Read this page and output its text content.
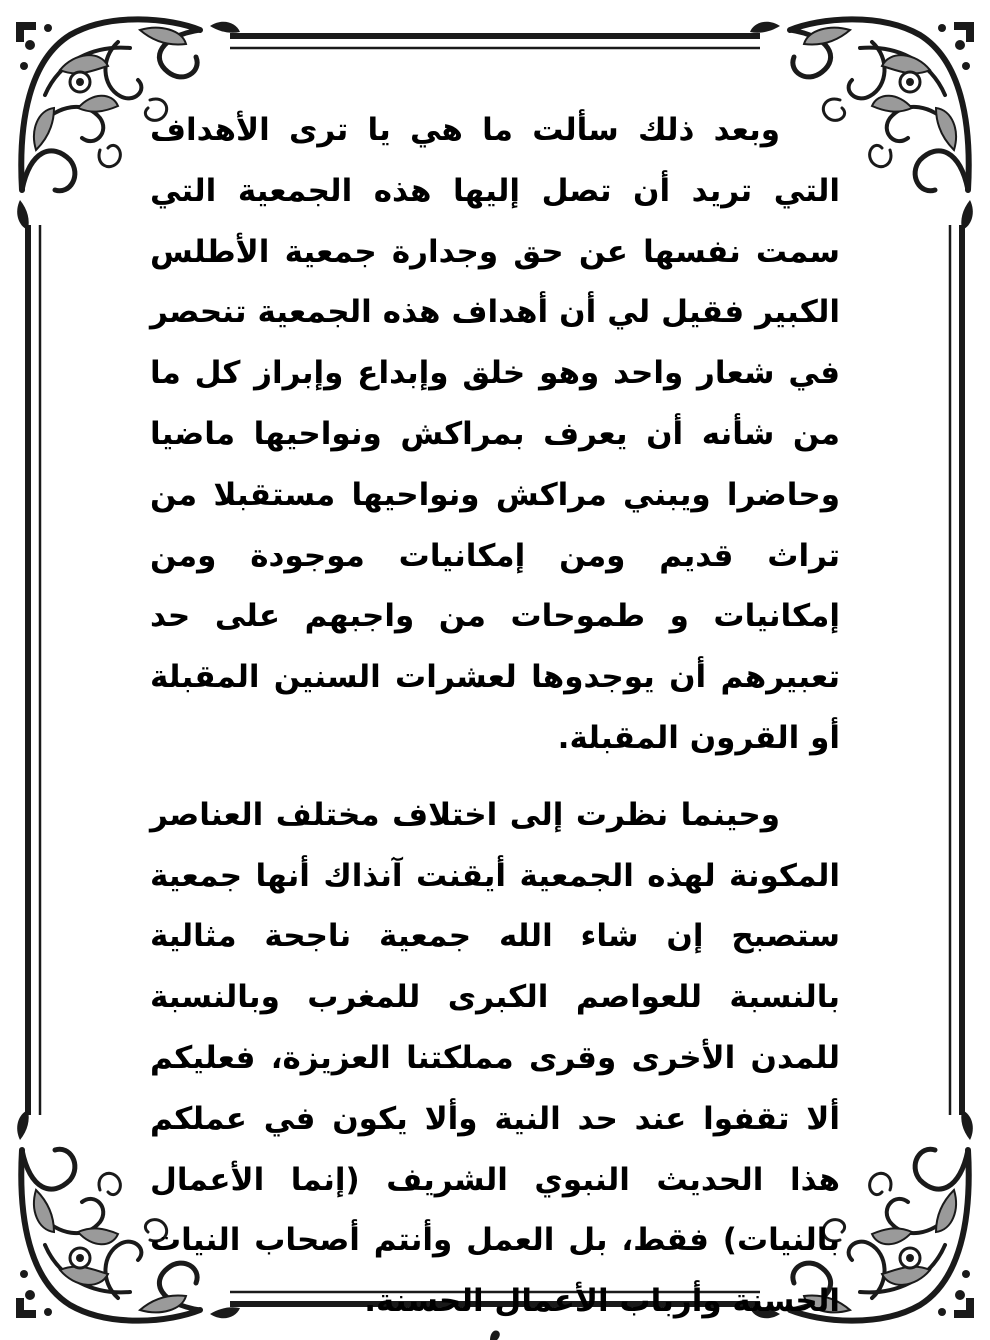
وبعد ذلك سألت ما هي يا ترى الأهداف التي تريد أن تصل إليها هذه الجمعية التي سمت نفسها عن حق وجدارة جمعية الأطلس الكبير فقيل لي أن أهداف هذه الجمعية تنحصر في شعار واحد وهو خلق وإبداع وإبراز كل ما من شأنه أن يعرف بمراكش ونواحيها ماضيا وحاضرا ويبني مراكش ونواحيها مستقبلا من تراث قديم ومن إمكانيات موجودة ومن إمكانيات و طموحات من واجبهم على حد تعبيرهم أن يوجدوها لعشرات السنين المقبلة أو القرون المقبلة.

وحينما نظرت إلى اختلاف مختلف العناصر المكونة لهذه الجمعية أيقنت آنذاك أنها جمعية ستصبح إن شاء الله جمعية ناجحة مثالية بالنسبة للعواصم الكبرى للمغرب وبالنسبة للمدن الأخرى وقرى مملكتنا العزيزة، فعليكم ألا تقفوا عند حد النية وألا يكون في عملكم هذا الحديث النبوي الشريف (إنما الأعمال بالنيات) فقط، بل العمل وأنتم أصحاب النيات الحسنة وأرباب الأعمال الحسنة.
